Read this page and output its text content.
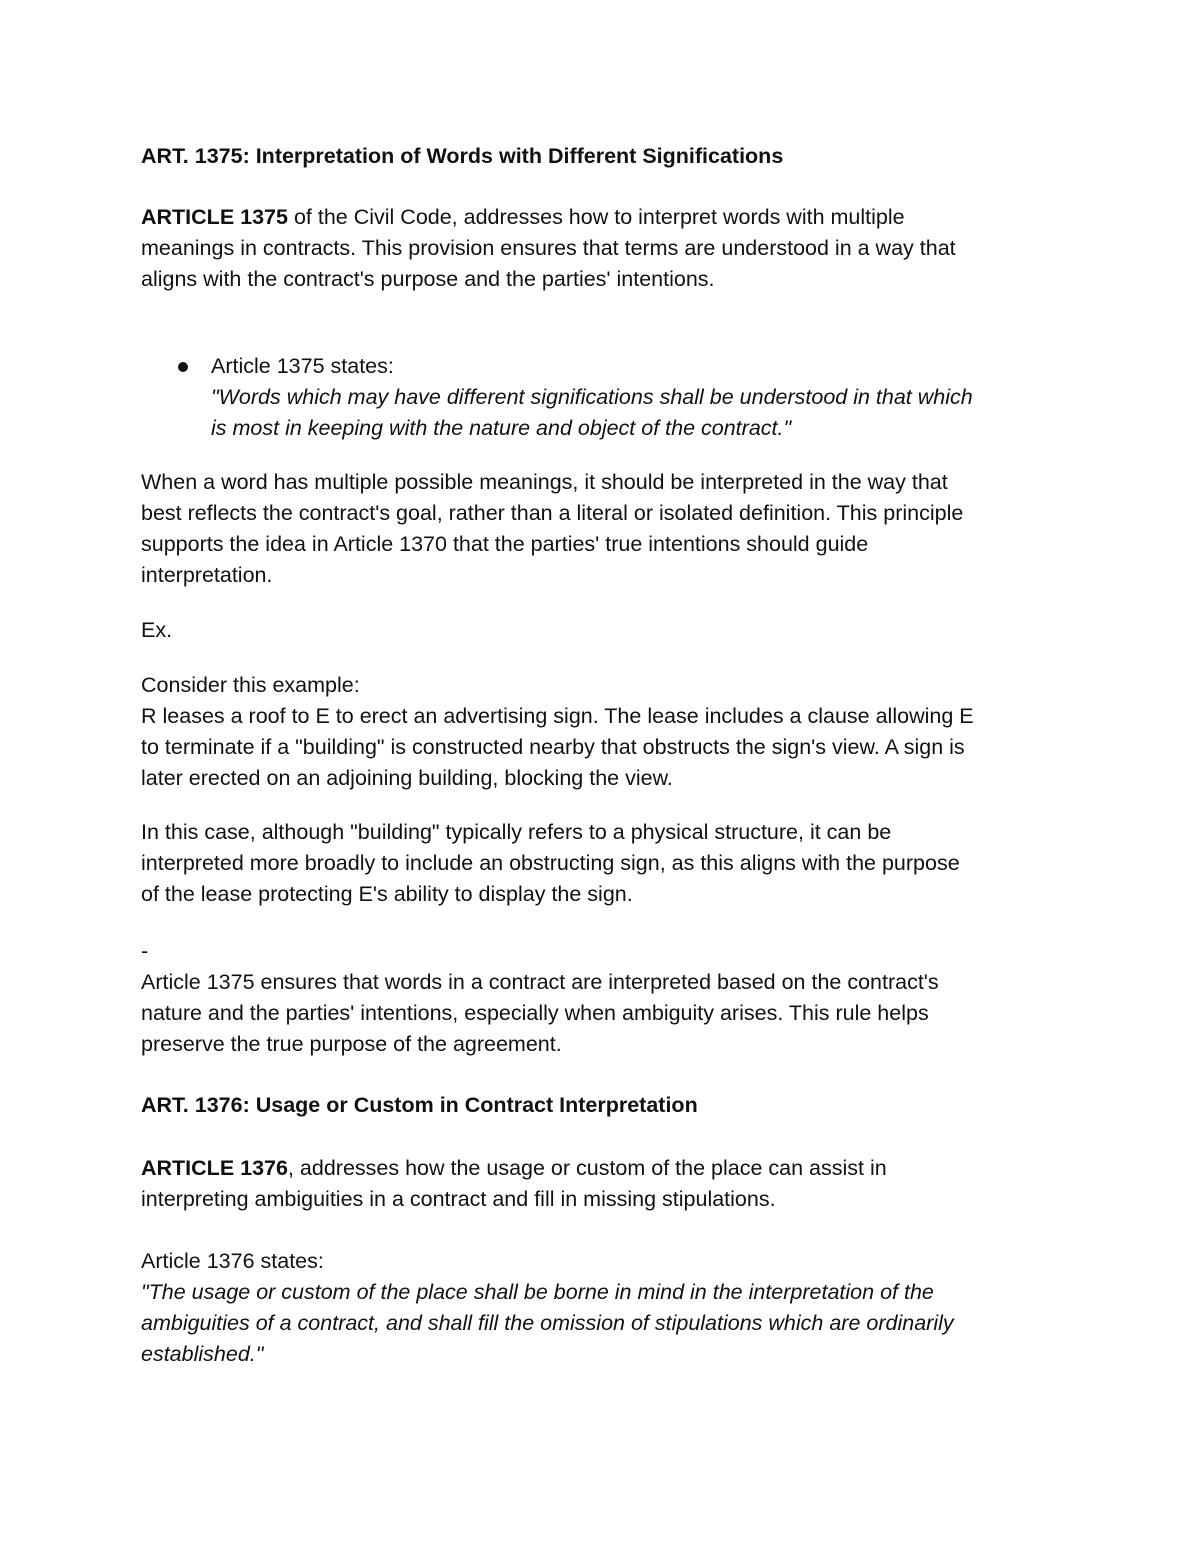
ART. 1375: Interpretation of Words with Different Significations

ARTICLE 1375 of the Civil Code, addresses how to interpret words with multiple
meanings in contracts. This provision ensures that terms are understood in a way that
aligns with the contract's purpose and the parties' intentions.

Article 1375 states:
"Words which may have different significations shall be understood in that which
is most in keeping with the nature and object of the contract."

When a word has multiple possible meanings, it should be interpreted in the way that
best reflects the contract's goal, rather than a literal or isolated definition. This principle
supports the idea in Article 1370 that the parties' true intentions should guide
interpretation.

Ex.

Consider this example:
R leases a roof to E to erect an advertising sign. The lease includes a clause allowing E
to terminate if a "building" is constructed nearby that obstructs the sign's view. A sign is
later erected on an adjoining building, blocking the view.

In this case, although "building" typically refers to a physical structure, it can be
interpreted more broadly to include an obstructing sign, as this aligns with the purpose
of the lease protecting E's ability to display the sign.

-

Article 1375 ensures that words in a contract are interpreted based on the contract's
nature and the parties' intentions, especially when ambiguity arises. This rule helps
preserve the true purpose of the agreement.

ART. 1376: Usage or Custom in Contract Interpretation

ARTICLE 1376, addresses how the usage or custom of the place can assist in
interpreting ambiguities in a contract and fill in missing stipulations.

Article 1376 states:
"The usage or custom of the place shall be borne in mind in the interpretation of the
ambiguities of a contract, and shall fill the omission of stipulations which are ordinarily
established."
